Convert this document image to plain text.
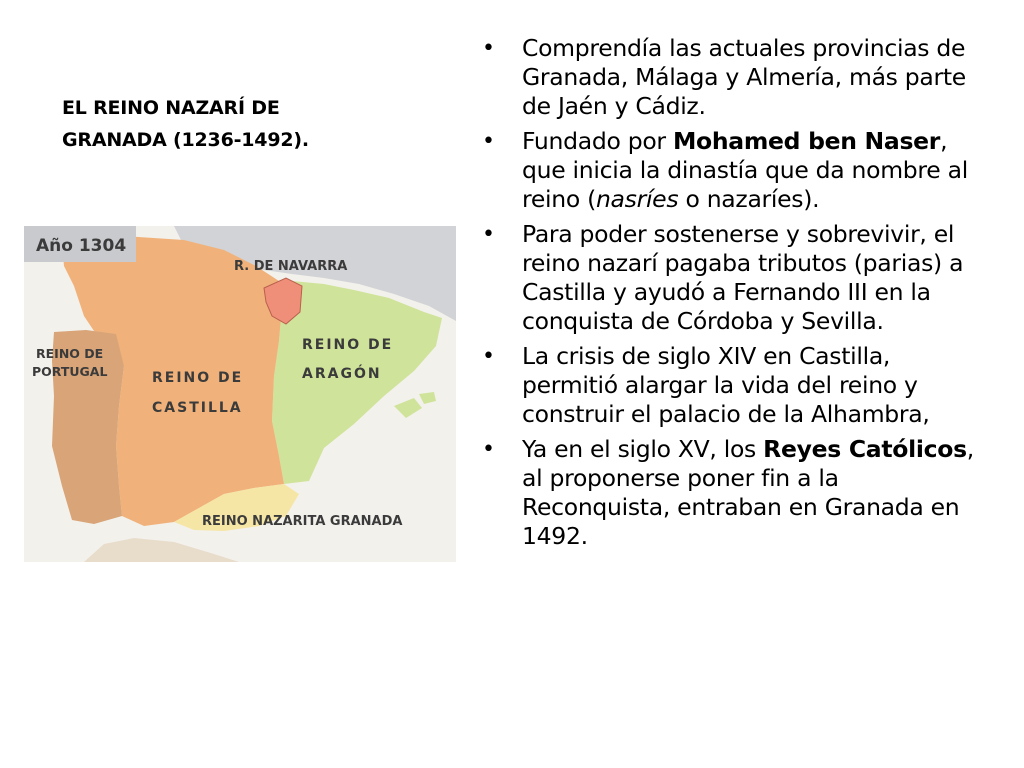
EL REINO NAZARÍ DE
GRANADA (1236-1492).
Año 1304
R. DE NAVARRA
REINO DE
PORTUGAL	REINO DE
CASTILLA
REINO DE
ARAGÓN
REINO NAZARITA GRANADA
• Comprendía las actuales provincias de Granada, Málaga y Almería, más parte de Jaén y Cádiz.
• Fundado por Mohamed ben Naser, que inicia la dinastía que da nombre al reino (nasríes o nazaríes).
• Para poder sostenerse y sobrevivir, el reino nazarí pagaba tributos (parias) a Castilla y ayudó a Fernando III en la conquista de Córdoba y Sevilla.
• La crisis de siglo XIV en Castilla, permitió alargar la vida del reino y construir el palacio de la Alhambra,
• Ya en el siglo XV, los Reyes Católicos, al proponerse poner fin a la Reconquista, entraban en Granada en 1492.
